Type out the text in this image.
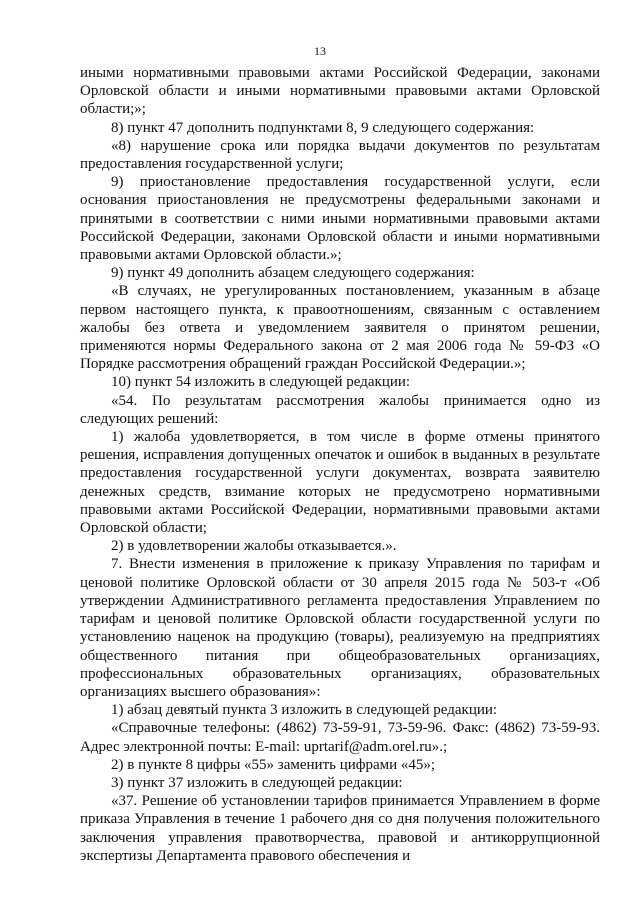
13

иными нормативными правовыми актами Российской Федерации, законами Орловской области и иными нормативными правовыми актами Орловской области;»;

8) пункт 47 дополнить подпунктами 8, 9 следующего содержания:

«8) нарушение срока или порядка выдачи документов по результатам предоставления государственной услуги;

9) приостановление предоставления государственной услуги, если основания приостановления не предусмотрены федеральными законами и принятыми в соответствии с ними иными нормативными правовыми актами Российской Федерации, законами Орловской области и иными нормативными правовыми актами Орловской области.»;

9) пункт 49 дополнить абзацем следующего содержания:

«В случаях, не урегулированных постановлением, указанным в абзаце первом настоящего пункта, к правоотношениям, связанным с оставлением жалобы без ответа и уведомлением заявителя о принятом решении, применяются нормы Федерального закона от 2 мая 2006 года № 59-ФЗ «О Порядке рассмотрения обращений граждан Российской Федерации.»;

10) пункт 54 изложить в следующей редакции:

«54. По результатам рассмотрения жалобы принимается одно из следующих решений:

1) жалоба удовлетворяется, в том числе в форме отмены принятого решения, исправления допущенных опечаток и ошибок в выданных в результате предоставления государственной услуги документах, возврата заявителю денежных средств, взимание которых не предусмотрено нормативными правовыми актами Российской Федерации, нормативными правовыми актами Орловской области;

2) в удовлетворении жалобы отказывается.».

7. Внести изменения в приложение к приказу Управления по тарифам и ценовой политике Орловской области от 30 апреля 2015 года № 503-т «Об утверждении Административного регламента предоставления Управлением по тарифам и ценовой политике Орловской области государственной услуги по установлению наценок на продукцию (товары), реализуемую на предприятиях общественного питания при общеобразовательных организациях, профессиональных образовательных организациях, образовательных организациях высшего образования»:

1) абзац девятый пункта 3 изложить в следующей редакции:

«Справочные телефоны: (4862) 73-59-91, 73-59-96. Факс: (4862) 73-59-93. Адрес электронной почты: E-mail: uprtarif@adm.orel.ru».;

2) в пункте 8 цифры «55» заменить цифрами «45»;

3) пункт 37 изложить в следующей редакции:

«37. Решение об установлении тарифов принимается Управлением в форме приказа Управления в течение 1 рабочего дня со дня получения положительного заключения управления правотворчества, правовой и антикоррупционной экспертизы Департамента правового обеспечения и
